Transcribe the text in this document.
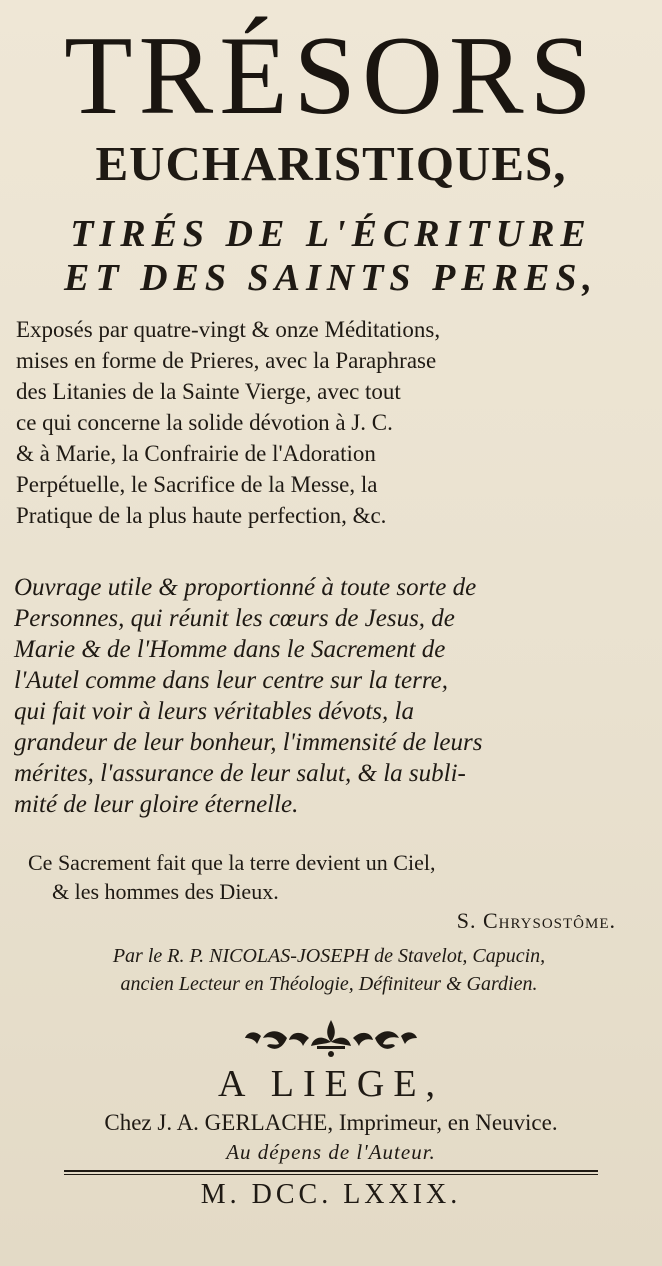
TRÉSORS
EUCHARISTIQUES,
TIRÉS DE L'ÉCRITURE
ET DES SAINTS PERES,
Exposés par quatre-vingt & onze Méditations,
mises en forme de Prieres, avec la Paraphrase
des Litanies de la Sainte Vierge, avec tout
ce qui concerne la solide dévotion à J. C.
& à Marie, la Confrairie de l'Adoration
Perpétuelle, le Sacrifice de la Messe, la
Pratique de la plus haute perfection, &c.
Ouvrage utile & proportionné à toute sorte de
Personnes, qui réunit les cœurs de Jesus, de
Marie & de l'Homme dans le Sacrement de
l'Autel comme dans leur centre sur la terre,
qui fait voir à leurs véritables dévots, la
grandeur de leur bonheur, l'immensité de leurs
mérites, l'assurance de leur salut, & la subli-
mité de leur gloire éternelle.
Ce Sacrement fait que la terre devient un Ciel,
& les hommes des Dieux.
S. Chrysostôme.
Par le R. P. NICOLAS-JOSEPH de Stavelot, Capucin,
ancien Lecteur en Théologie, Définiteur & Gardien.
A LIEGE,
Chez J. A. GERLACHE, Imprimeur, en Neuvice.
Au dépens de l'Auteur.
M. DCC. LXXIX.
